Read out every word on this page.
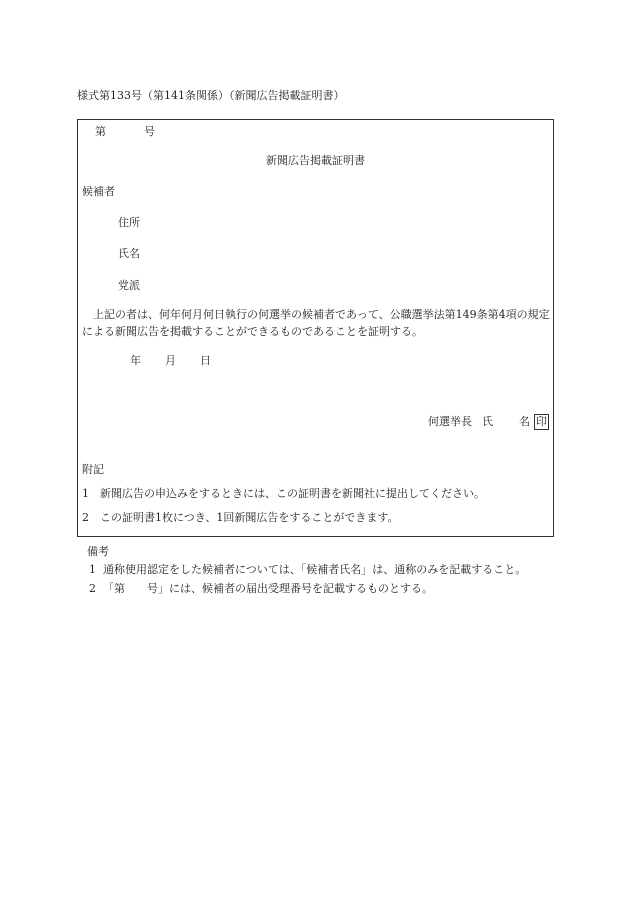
様式第133号（第141条関係）（新聞広告掲載証明書）
第	号
新聞広告掲載証明書
候補者
住所
氏名
党派
上記の者は、何年何月何日執行の何選挙の候補者であって、公職選挙法第149条第4項の規定による新聞広告を掲載することができるものであることを証明する。
年 月 日
何選挙長 氏 名 印
附記
1 新聞広告の申込みをするときには、この証明書を新聞社に提出してください。
2 この証明書1枚につき、1回新聞広告をすることができます。
備考
1 通称使用認定をした候補者については、「候補者氏名」は、通称のみを記載すること。
2 「第　　号」には、候補者の届出受理番号を記載するものとする。
